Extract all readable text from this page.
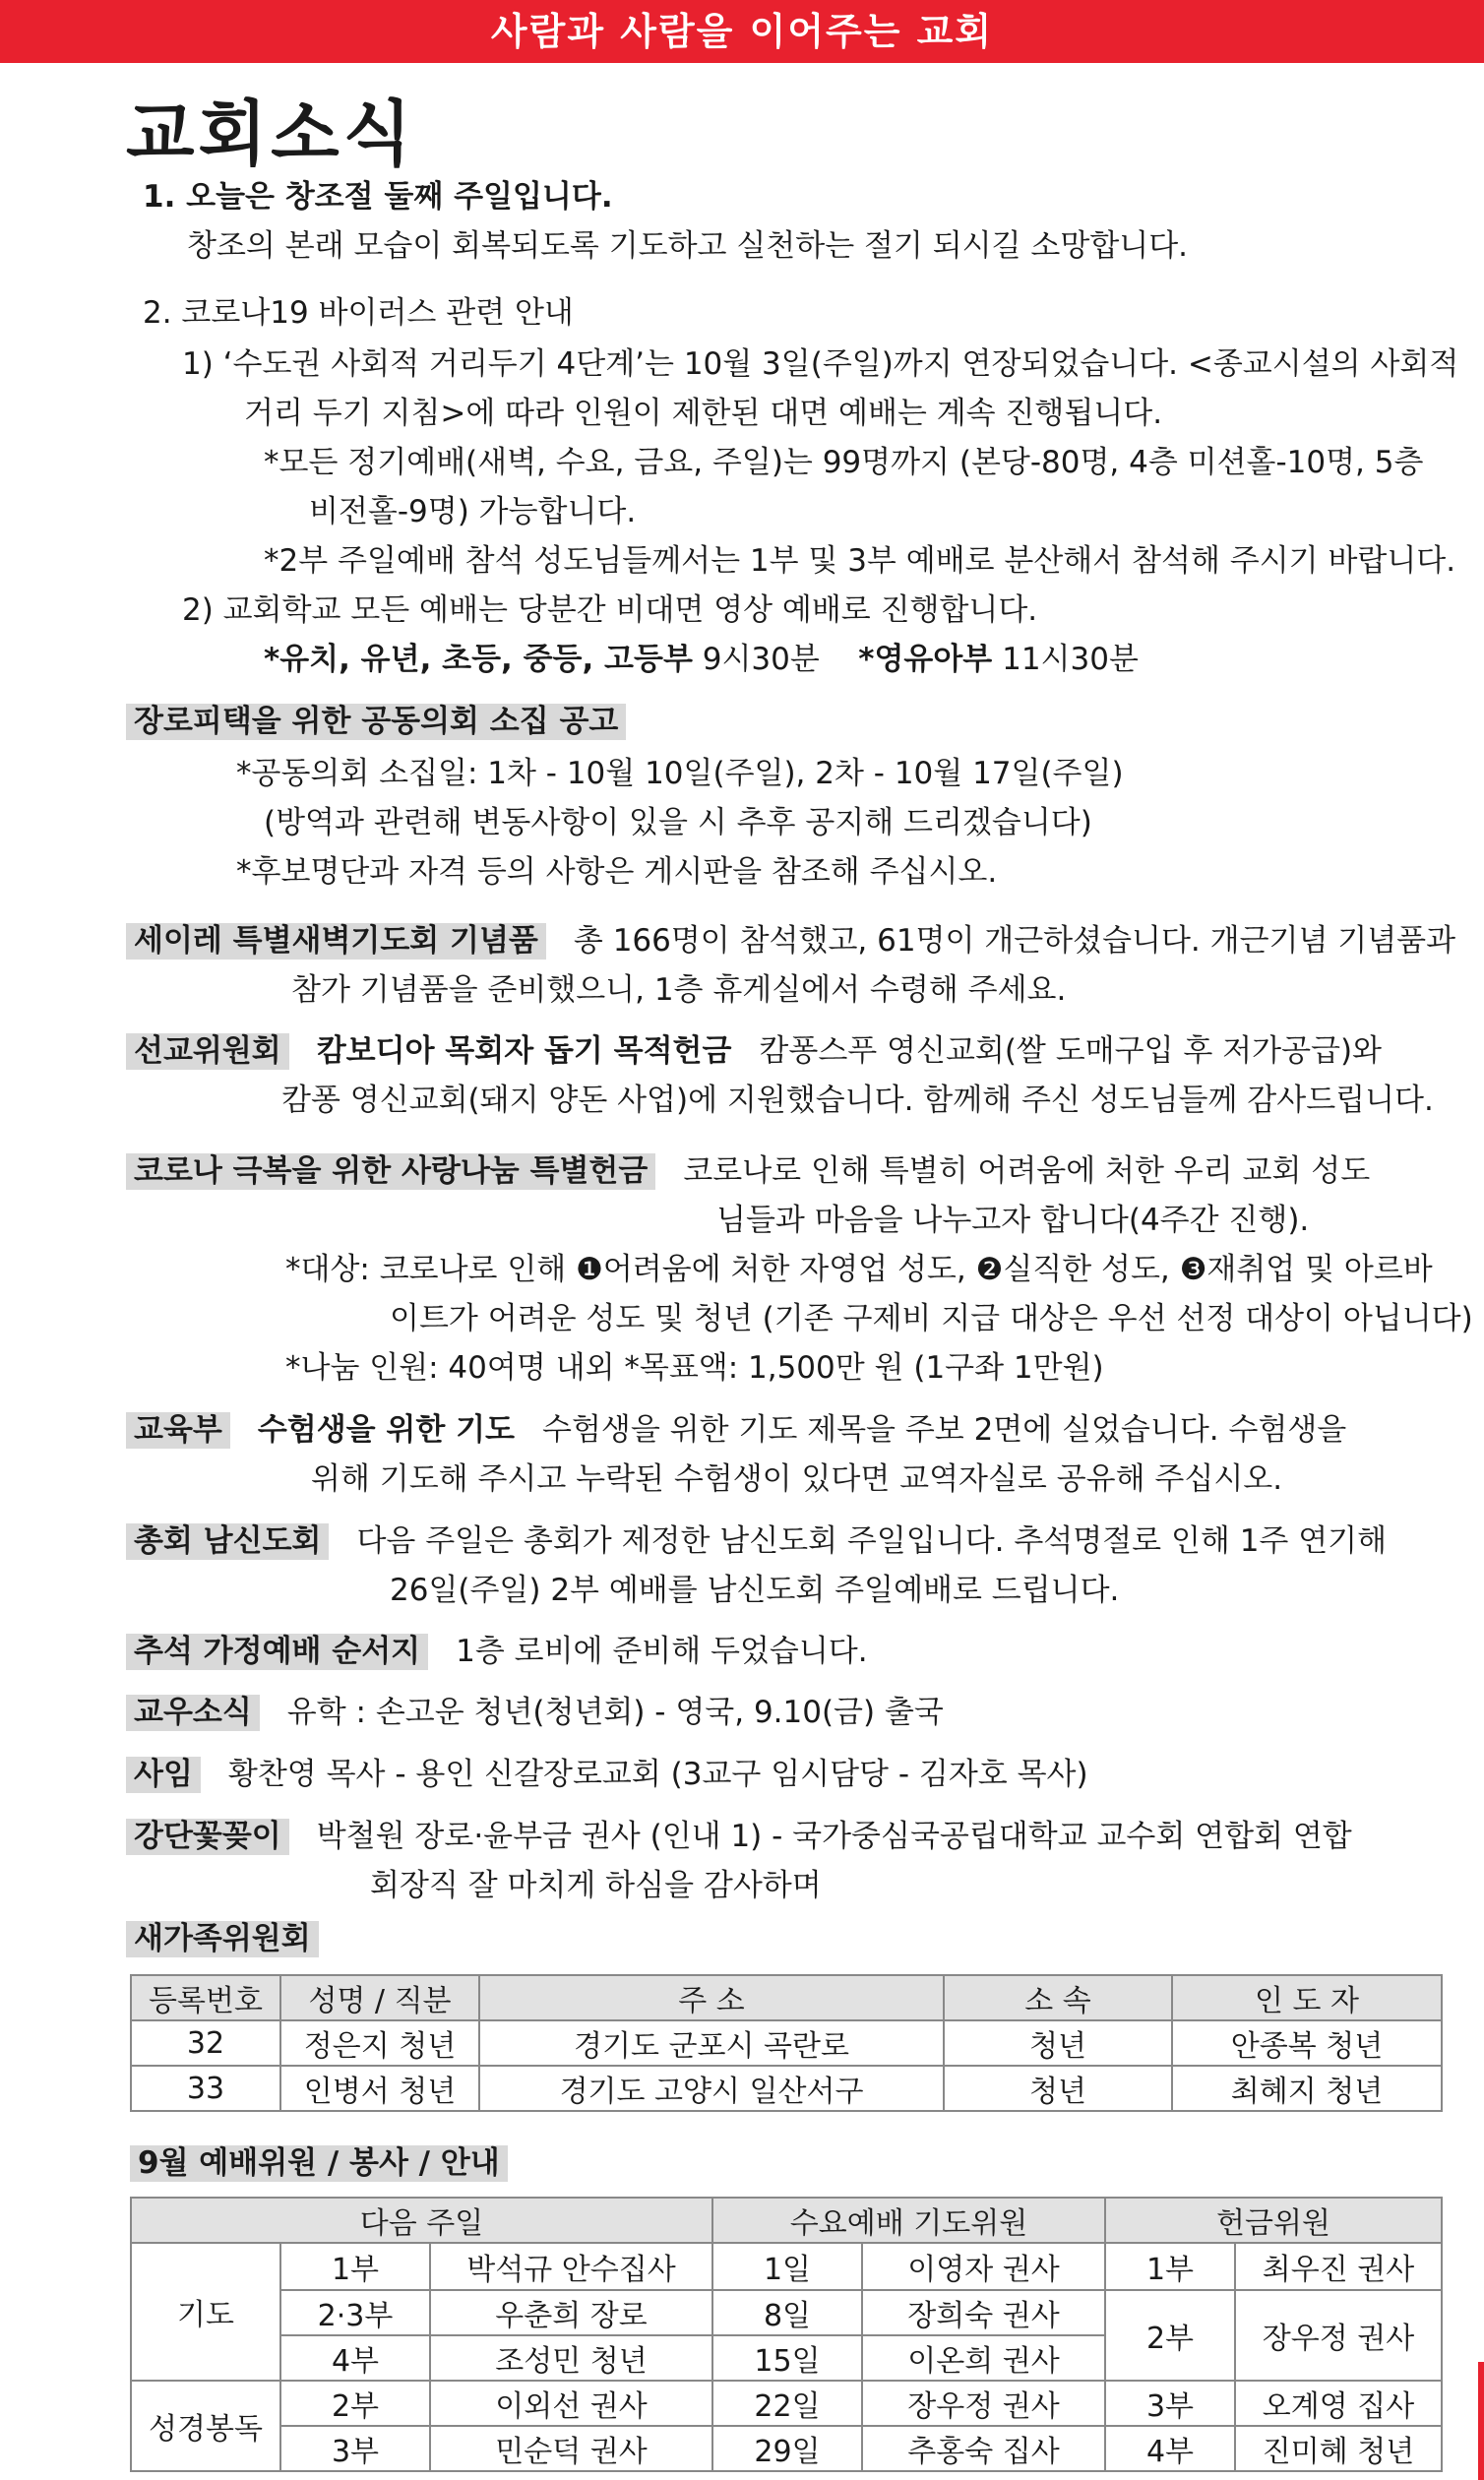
사람과 사람을 이어주는 교회
교회소식
1. 오늘은 창조절 둘째 주일입니다.
창조의 본래 모습이 회복되도록 기도하고 실천하는 절기 되시길 소망합니다.
2. 코로나19 바이러스 관련 안내
1) ‘수도권 사회적 거리두기 4단계’는 10월 3일(주일)까지 연장되었습니다. <종교시설의 사회적
거리 두기 지침>에 따라 인원이 제한된 대면 예배는 계속 진행됩니다.
*모든 정기예배(새벽, 수요, 금요, 주일)는 99명까지 (본당-80명, 4층 미션홀-10명, 5층
비전홀-9명) 가능합니다.
*2부 주일예배 참석 성도님들께서는 1부 및 3부 예배로 분산해서 참석해 주시기 바랍니다.
2) 교회학교 모든 예배는 당분간 비대면 영상 예배로 진행합니다.
*유치, 유년, 초등, 중등, 고등부 9시30분 *영유아부 11시30분
장로피택을 위한 공동의회 소집 공고
*공동의회 소집일: 1차 - 10월 10일(주일), 2차 - 10월 17일(주일)
(방역과 관련해 변동사항이 있을 시 추후 공지해 드리겠습니다)
*후보명단과 자격 등의 사항은 게시판을 참조해 주십시오.
세이레 특별새벽기도회 기념품 총 166명이 참석했고, 61명이 개근하셨습니다. 개근기념 기념품과
참가 기념품을 준비했으니, 1층 휴게실에서 수령해 주세요.
선교위원회 캄보디아 목회자 돕기 목적헌금 캄퐁스푸 영신교회(쌀 도매구입 후 저가공급)와
캄퐁 영신교회(돼지 양돈 사업)에 지원했습니다. 함께해 주신 성도님들께 감사드립니다.
코로나 극복을 위한 사랑나눔 특별헌금 코로나로 인해 특별히 어려움에 처한 우리 교회 성도
님들과 마음을 나누고자 합니다(4주간 진행).
*대상: 코로나로 인해 ❶어려움에 처한 자영업 성도, ❷실직한 성도, ❸재취업 및 아르바
이트가 어려운 성도 및 청년 (기존 구제비 지급 대상은 우선 선정 대상이 아닙니다)
*나눔 인원: 40여명 내외 *목표액: 1,500만 원 (1구좌 1만원)
교육부 수험생을 위한 기도 수험생을 위한 기도 제목을 주보 2면에 실었습니다. 수험생을
위해 기도해 주시고 누락된 수험생이 있다면 교역자실로 공유해 주십시오.
총회 남신도회 다음 주일은 총회가 제정한 남신도회 주일입니다. 추석명절로 인해 1주 연기해
26일(주일) 2부 예배를 남신도회 주일예배로 드립니다.
추석 가정예배 순서지 1층 로비에 준비해 두었습니다.
교우소식 유학 : 손고운 청년(청년회) - 영국, 9.10(금) 출국
사임 황찬영 목사 - 용인 신갈장로교회 (3교구 임시담당 - 김자호 목사)
강단꽃꽂이 박철원 장로·윤부금 권사 (인내 1) - 국가중심국공립대학교 교수회 연합회 연합
회장직 잘 마치게 하심을 감사하며
새가족위원회
등록번호	성명 / 직분	주 소	소 속	인 도 자
32	정은지 청년	경기도 군포시 곡란로	청년	안종복 청년
33	인병서 청년	경기도 고양시 일산서구	청년	최혜지 청년
9월 예배위원 / 봉사 / 안내
다음 주일			수요예배 기도위원		헌금위원	
기도	1부	박석규 안수집사	1일	이영자 권사	1부	최우진 권사
	2·3부	우춘희 장로	8일	장희숙 권사	2부	장우정 권사
	4부	조성민 청년	15일	이온희 권사		
성경봉독	2부	이외선 권사	22일	장우정 권사	3부	오계영 집사
	3부	민순덕 권사	29일	추홍숙 집사	4부	진미혜 청년
